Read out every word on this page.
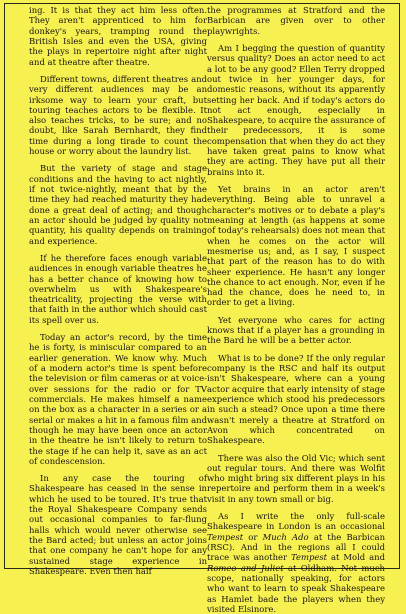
ing. It is that they act him less often. They aren't apprenticed to him for donkey's years, tramping round the British Isles and even the USA, giving the plays in repertoire night after night and at theatre after theatre.

Different towns, different theatres and very different audiences may be an irksome way to learn your craft, but touring teaches actors to be flexible. It also teaches tricks, to be sure; and no doubt, like Sarah Bernhardt, they find time during a long tirade to count the house or worry about the laundry list.

But the variety of stage and stage conditions and the having to act nightly, if not twice-nightly, meant that by the time they had reached maturity they had done a great deal of acting; and though an actor should be judged by quality not quantity, his quality depends on training and experience.

If he therefore faces enough variable audiences in enough variable theatres he has a better chance of knowing how to overwhelm us with Shakespeare's theatricality, projecting the verse with that faith in the author which should cast its spell over us.

Today an actor's record, by the time he is forty, is miniscular compared to an earlier generation. We know why. Much of a modern actor's time is spent before the television or film cameras or at voice-over sessions for the radio or for TV commercials. He makes himself a name on the box as a character in a series or a serial or makes a hit in a famous film and though he may have been once an actor in the theatre he isn't likely to return to the stage if he can help it, save as an act of condescension.

In any case the touring of Shakespeare has ceased in the sense in which he used to be toured. It's true that the Royal Shakespeare Company sends out occasional companies to far-flung halls which would never otherwise see the Bard acted; but unless an actor joins that one company he can't hope for any sustained stage experience in Shakespeare. Even then half

the programmes at Stratford and the Barbican are given over to other playwrights.

Am I begging the question of quantity versus quality? Does an actor need to act a lot to be any good? Ellen Terry dropped out twice in her younger days, for domestic reasons, without its apparently setting her back. And if today's actors do not act enough, especially in Shakespeare, to acquire the assurance of their predecessors, it is some compensation that when they do act they have taken great pains to know what they are acting. They have put all their brains into it.

Yet brains in an actor aren't everything. Being able to unravel a character's motives or to debate a play's meaning at length (as happens at some of today's rehearsals) does not mean that when he comes on the actor will mesmerise us; and, as I say, I suspect that part of the reason has to do with sheer experience. He hasn't any longer the chance to act enough. Nor, even if he had the chance, does he need to, in order to get a living.

Yet everyone who cares for acting knows that if a player has a grounding in the Bard he will be a better actor.

What is to be done? If the only regular company is the RSC and half its output isn't Shakespeare, where can a young actor acquire that early intensity of stage experience which stood his predecessors in such a stead? Once upon a time there wasn't merely a theatre at Stratford on Avon which concentrated on Shakespeare.

There was also the Old Vic; which sent out regular tours. And there was Wolfit who might bring six different plays in his repertoire and perform them in a week's visit in any town small or big.

As I write the only full-scale Shakespeare in London is an occasional Tempest or Much Ado at the Barbican (RSC). And in the regions all I could trace was another Tempest at Mold and Romeo and Juliet at Oldham. Not much scope, nationally speaking, for actors who want to learn to speak Shakespeare as Hamlet bade the players when they visited Elsinore.
